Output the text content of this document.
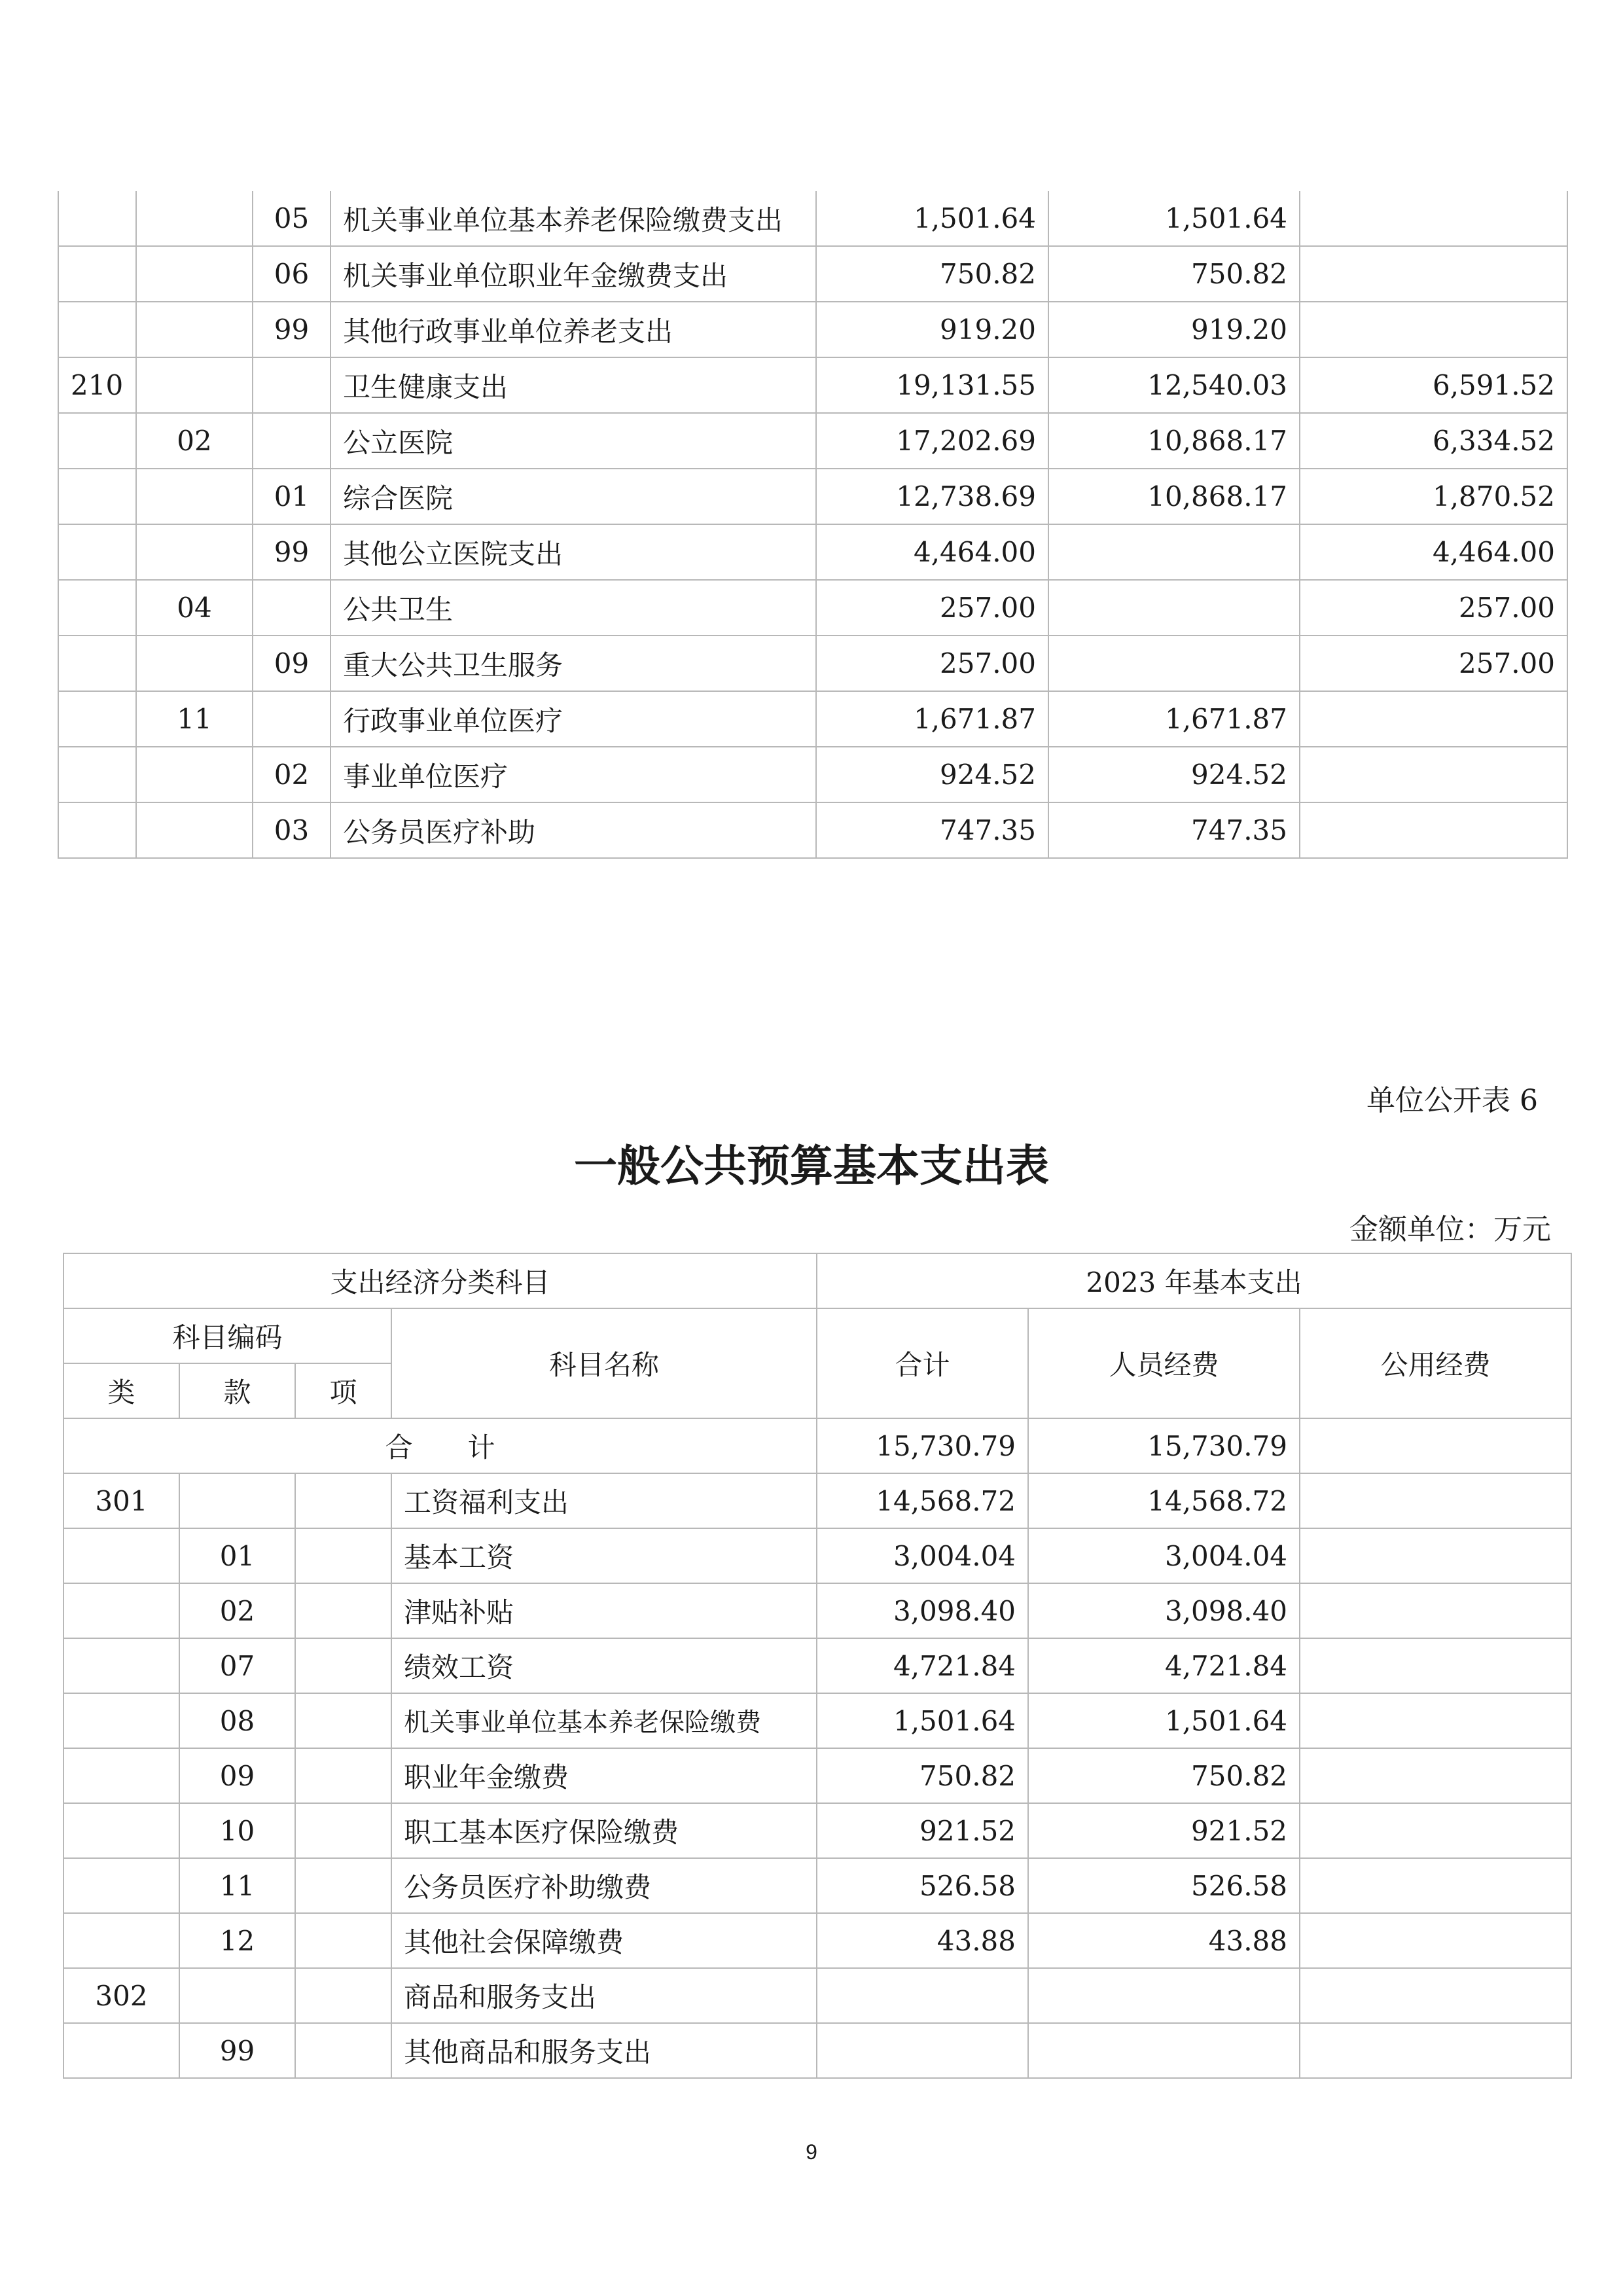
		05	机关事业单位基本养老保险缴费支出	1,501.64	1,501.64	
		06	机关事业单位职业年金缴费支出	750.82	750.82	
		99	其他行政事业单位养老支出	919.20	919.20	
210			卫生健康支出	19,131.55	12,540.03	6,591.52
	02		公立医院	17,202.69	10,868.17	6,334.52
		01	综合医院	12,738.69	10,868.17	1,870.52
		99	其他公立医院支出	4,464.00		4,464.00
	04		公共卫生	257.00		257.00
		09	重大公共卫生服务	257.00		257.00
	11		行政事业单位医疗	1,671.87	1,671.87	
		02	事业单位医疗	924.52	924.52	
		03	公务员医疗补助	747.35	747.35	
单位公开表 6
一般公共预算基本支出表
金额单位：万元
支出经济分类科目				2023 年基本支出		
科目编码			科目名称	合计	人员经费	公用经费
类	款	项				
合　　计				15,730.79	15,730.79	
301			工资福利支出	14,568.72	14,568.72	
	01		基本工资	3,004.04	3,004.04	
	02		津贴补贴	3,098.40	3,098.40	
	07		绩效工资	4,721.84	4,721.84	
	08		机关事业单位基本养老保险缴费	1,501.64	1,501.64	
	09		职业年金缴费	750.82	750.82	
	10		职工基本医疗保险缴费	921.52	921.52	
	11		公务员医疗补助缴费	526.58	526.58	
	12		其他社会保障缴费	43.88	43.88	
302			商品和服务支出			
	99		其他商品和服务支出			
9
